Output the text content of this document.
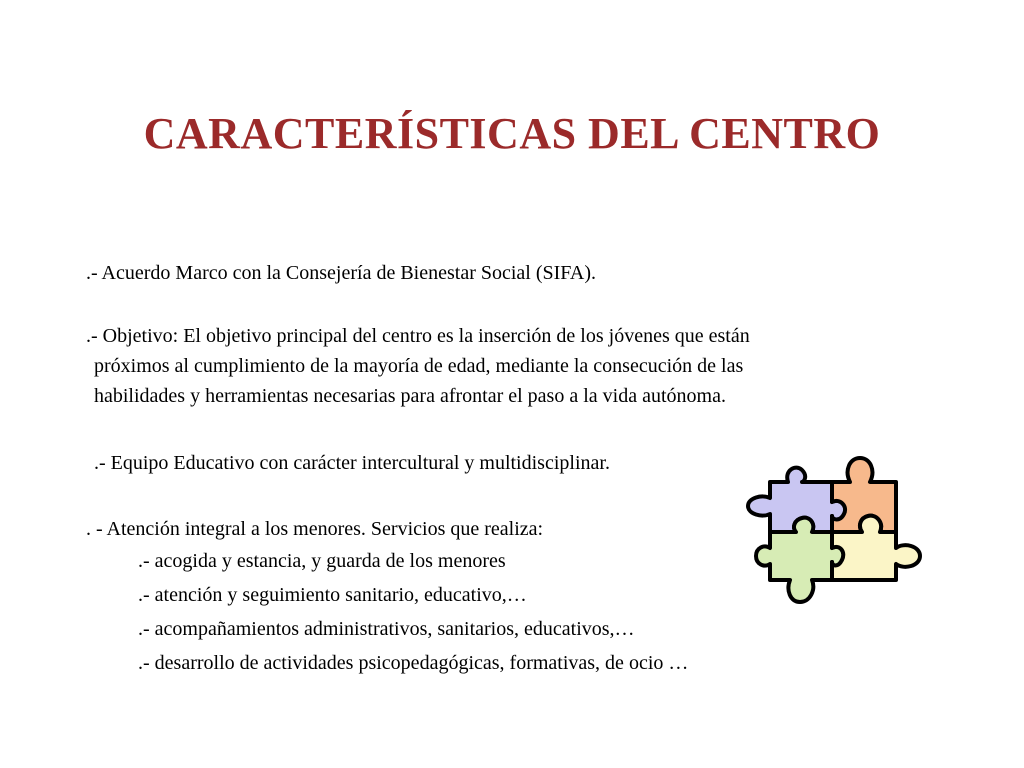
CARACTERÍSTICAS DEL CENTRO
.- Acuerdo Marco con la Consejería de Bienestar Social (SIFA).
.- Objetivo: El objetivo principal del centro es la inserción de los jóvenes que están
próximos al cumplimiento de la mayoría de edad, mediante la consecución de las
habilidades y herramientas necesarias para afrontar el paso a la vida autónoma.
.- Equipo Educativo con carácter intercultural y multidisciplinar.
. - Atención integral a los menores. Servicios que realiza:
.- acogida y estancia, y guarda de los menores
.- atención y seguimiento sanitario, educativo,…
.- acompañamientos administrativos, sanitarios, educativos,…
.- desarrollo de actividades psicopedagógicas, formativas, de ocio …
